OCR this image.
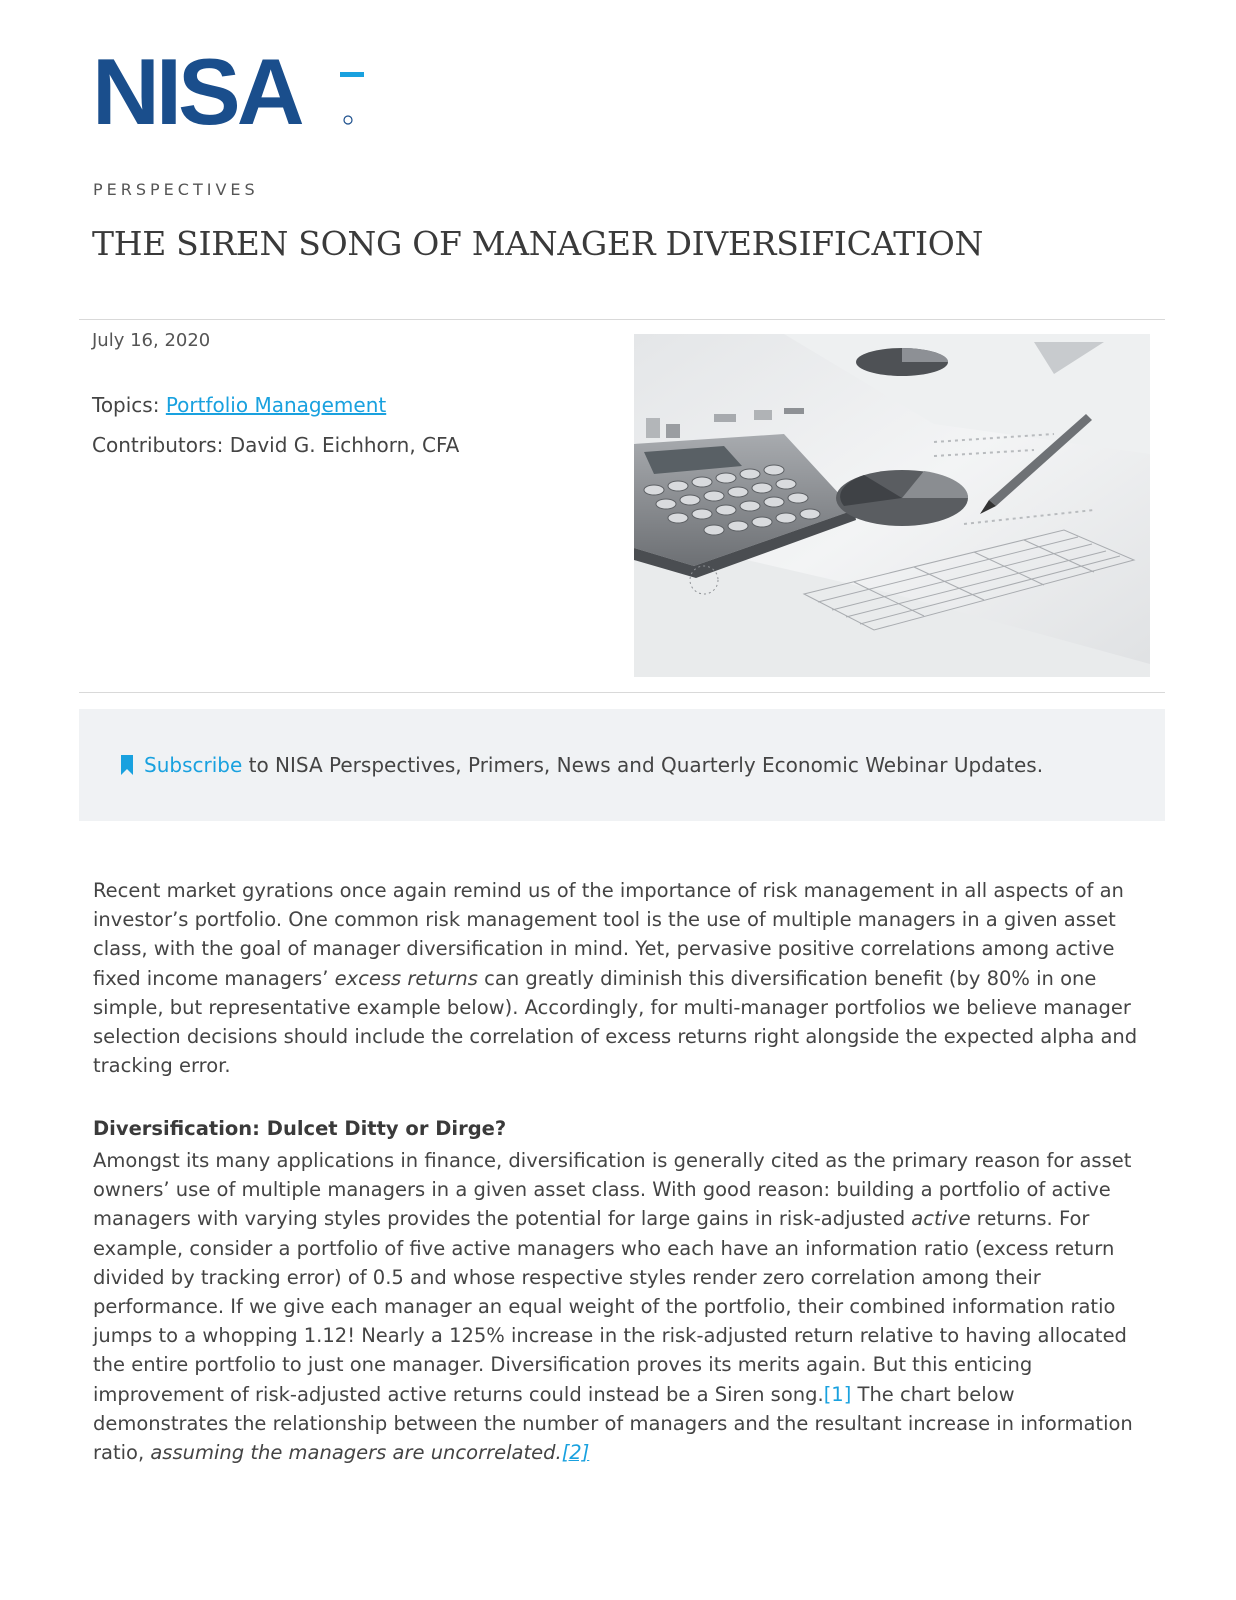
NISA
PERSPECTIVES
THE SIREN SONG OF MANAGER DIVERSIFICATION
July 16, 2020
Topics: Portfolio Management
Contributors: David G. Eichhorn, CFA
Subscribe to NISA Perspectives, Primers, News and Quarterly Economic Webinar Updates.

Recent market gyrations once again remind us of the importance of risk management in all aspects of an investor’s portfolio. One common risk management tool is the use of multiple managers in a given asset class, with the goal of manager diversification in mind. Yet, pervasive positive correlations among active fixed income managers’ excess returns can greatly diminish this diversification benefit (by 80% in one simple, but representative example below). Accordingly, for multi-manager portfolios we believe manager selection decisions should include the correlation of excess returns right alongside the expected alpha and tracking error.

Diversification: Dulcet Ditty or Dirge?

Amongst its many applications in finance, diversification is generally cited as the primary reason for asset owners’ use of multiple managers in a given asset class. With good reason: building a portfolio of active managers with varying styles provides the potential for large gains in risk-adjusted active returns. For example, consider a portfolio of five active managers who each have an information ratio (excess return divided by tracking error) of 0.5 and whose respective styles render zero correlation among their performance. If we give each manager an equal weight of the portfolio, their combined information ratio jumps to a whopping 1.12! Nearly a 125% increase in the risk-adjusted return relative to having allocated the entire portfolio to just one manager. Diversification proves its merits again. But this enticing improvement of risk-adjusted active returns could instead be a Siren song.[1] The chart below demonstrates the relationship between the number of managers and the resultant increase in information ratio, assuming the managers are uncorrelated.[2]
